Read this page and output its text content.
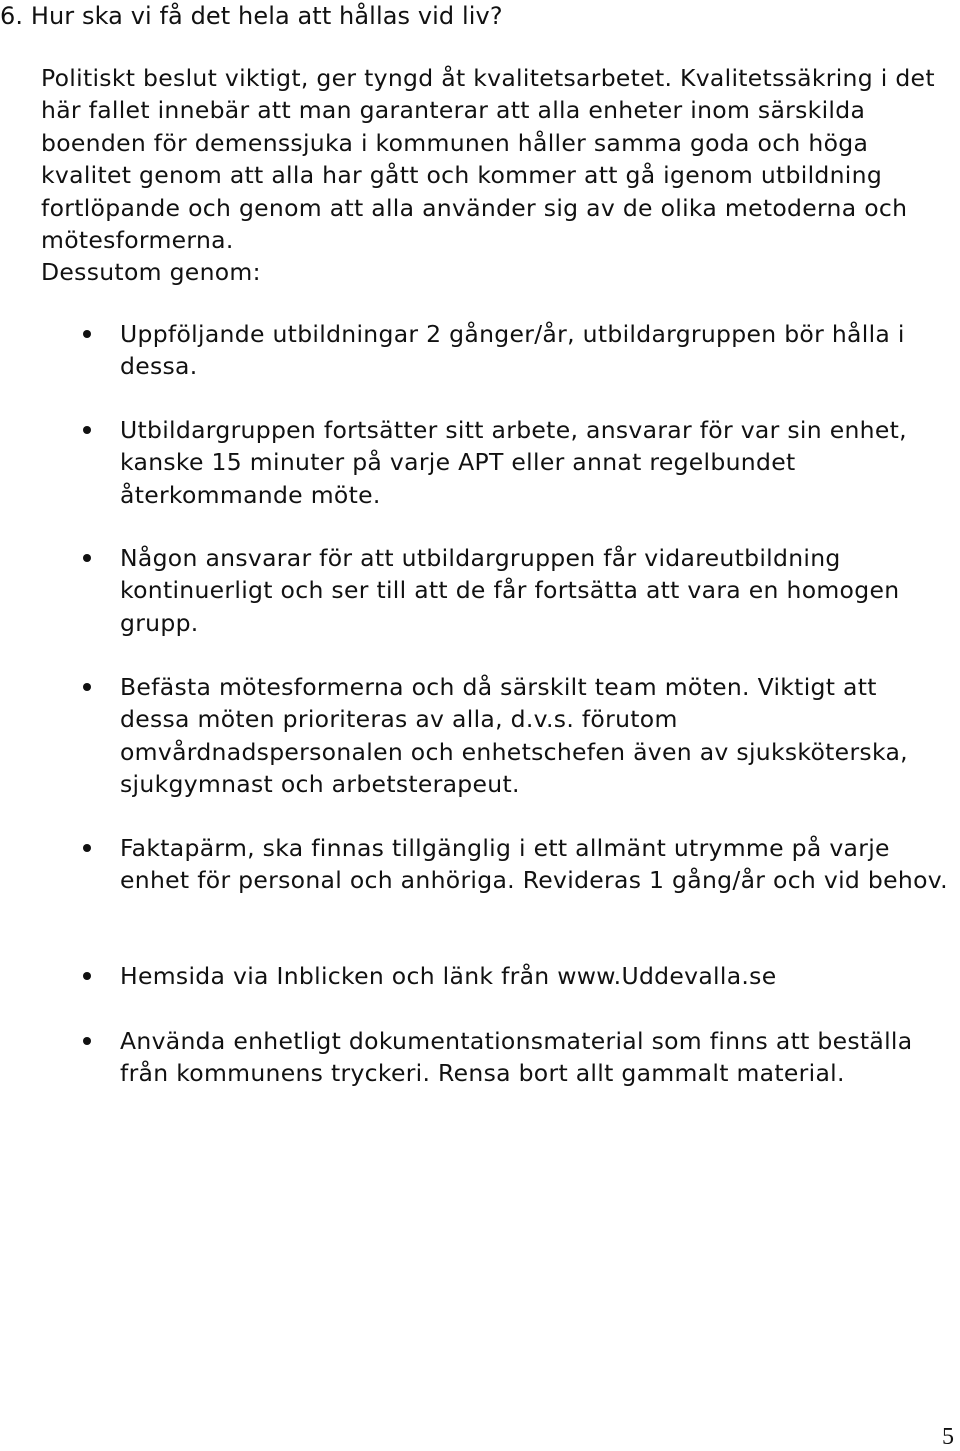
6. Hur ska vi få det hela att hållas vid liv?

Politiskt beslut viktigt, ger tyngd åt kvalitetsarbetet. Kvalitetssäkring i det här fallet innebär att man garanterar att alla enheter inom särskilda boenden för demenssjuka i kommunen håller samma goda och höga kvalitet genom att alla har gått och kommer att gå igenom utbildning fortlöpande och genom att alla använder sig av de olika metoderna och mötesformerna.
Dessutom genom:

Uppföljande utbildningar 2 gånger/år, utbildargruppen bör hålla i dessa.
Utbildargruppen fortsätter sitt arbete, ansvarar för var sin enhet, kanske 15 minuter på varje APT eller annat regelbundet återkommande möte.
Någon ansvarar för att utbildargruppen får vidareutbildning kontinuerligt och ser till att de får fortsätta att vara en homogen grupp.
Befästa mötesformerna och då särskilt team möten. Viktigt att dessa möten prioriteras av alla, d.v.s. förutom omvårdnadspersonalen och enhetschefen även av sjuksköterska, sjukgymnast och arbetsterapeut.
Faktapärm, ska finnas tillgänglig i ett allmänt utrymme på varje enhet för personal och anhöriga. Revideras 1 gång/år och vid behov.
Hemsida via Inblicken och länk från www.Uddevalla.se
Använda enhetligt dokumentationsmaterial som finns att beställa från kommunens tryckeri. Rensa bort allt gammalt material.
5
